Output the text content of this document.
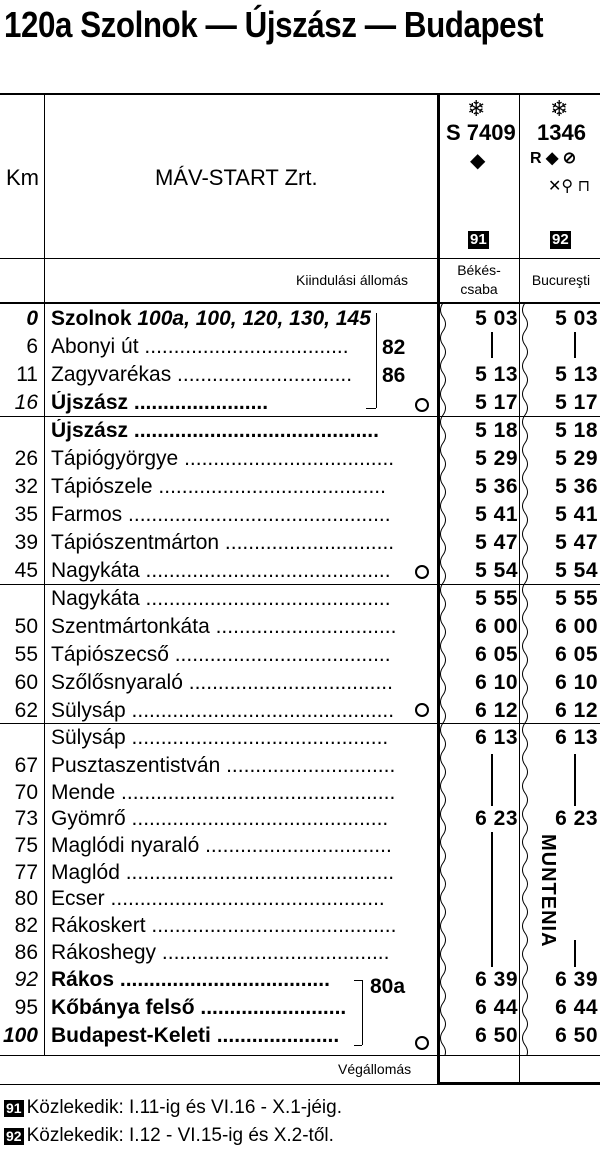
120a Szolnok — Újszász — Budapest
Km	MÁV-START Zrt.
Kiindulási állomás
Végállomás
❄
S 7409
◆
91
Békés-csaba
❄
1346
R ◆ ⊘
✕⚲ ⊓
92
Bucureşti
82
86
80a
MUNTENIA
0 Szolnok 100a, 100, 120, 130, 145	5 03	5 03
6 Abonyi út ...................................
11 Zagyvarékas ..............................	5 13	5 13
16 Újszász .......................	5 17	5 17
Újszász ..........................................	5 18	5 18
26 Tápiógyörgye ....................................	5 29	5 29
32 Tápiószele .......................................	5 36	5 36
35 Farmos .............................................	5 41	5 41
39 Tápiószentmárton .............................	5 47	5 47
45 Nagykáta ..........................................	5 54	5 54
Nagykáta ..........................................	5 55	5 55
50 Szentmártonkáta ...............................	6 00	6 00
55 Tápiószecső .....................................	6 05	6 05
60 Szőlősnyaraló ...................................	6 10	6 10
62 Sülysáp .............................................	6 12	6 12
Sülysáp ............................................	6 13	6 13
67 Pusztaszentistván .............................
70 Mende ...............................................
73 Gyömrő ............................................	6 23	6 23
75 Maglódi nyaraló ................................
77 Maglód ..............................................
80 Ecser ...............................................
82 Rákoskert ..........................................
86 Rákoshegy .......................................
92 Rákos ....................................	6 39	6 39
95 Kőbánya felső .........................	6 44	6 44
100 Budapest-Keleti .....................	6 50	6 50
91 Közlekedik: I.11-ig és VI.16 - X.1-jéig.
92 Közlekedik: I.12 - VI.15-ig és X.2-től.
